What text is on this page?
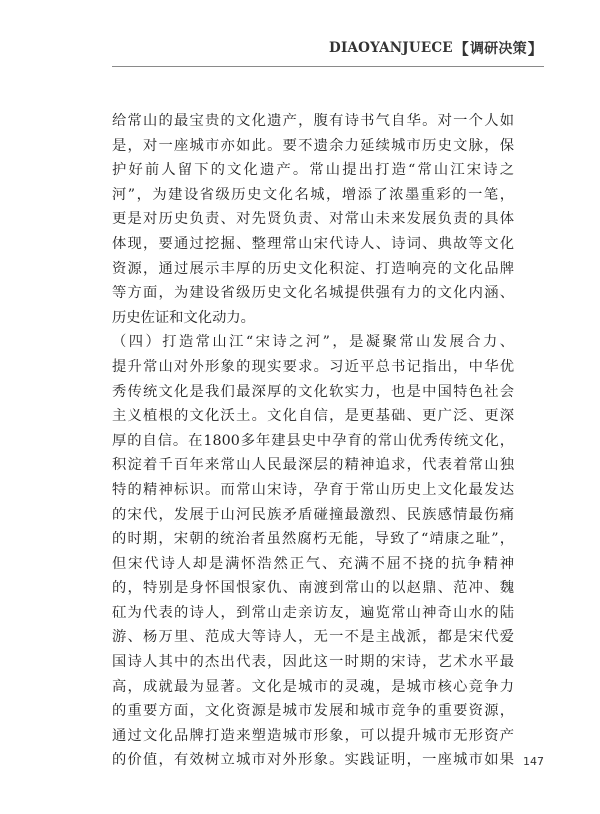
DIAOYANJUECE 【 调研决策 】
给常山的最宝贵的文化遗产，腹有诗书气自华。对一个人如
是，对一座城市亦如此。要不遗余力延续城市历史文脉，保
护好前人留下的文化遗产。常山提出打造“常山江宋诗之
河”，为建设省级历史文化名城，增添了浓墨重彩的一笔，
更是对历史负责、对先贤负责、对常山未来发展负责的具体
体现，要通过挖掘、整理常山宋代诗人、诗词、典故等文化
资源，通过展示丰厚的历史文化积淀、打造响亮的文化品牌
等方面，为建设省级历史文化名城提供强有力的文化内涵、
历史佐证和文化动力。
（四）打造常山江“宋诗之河”，是凝聚常山发展合力、
提升常山对外形象的现实要求。习近平总书记指出，中华优
秀传统文化是我们最深厚的文化软实力，也是中国特色社会
主义植根的文化沃土。文化自信，是更基础、更广泛、更深
厚的自信。在1800多年建县史中孕育的常山优秀传统文化，
积淀着千百年来常山人民最深层的精神追求，代表着常山独
特的精神标识。而常山宋诗，孕育于常山历史上文化最发达
的宋代，发展于山河民族矛盾碰撞最激烈、民族感情最伤痛
的时期，宋朝的统治者虽然腐朽无能，导致了“靖康之耻”，
但宋代诗人却是满怀浩然正气、充满不屈不挠的抗争精神
的，特别是身怀国恨家仇、南渡到常山的以赵鼎、范冲、魏
矼为代表的诗人，到常山走亲访友，遍览常山神奇山水的陆
游、杨万里、范成大等诗人，无一不是主战派，都是宋代爱
国诗人其中的杰出代表，因此这一时期的宋诗，艺术水平最
高，成就最为显著。文化是城市的灵魂，是城市核心竞争力
的重要方面，文化资源是城市发展和城市竞争的重要资源，
通过文化品牌打造来塑造城市形象，可以提升城市无形资产
的价值，有效树立城市对外形象。实践证明，一座城市如果 147
